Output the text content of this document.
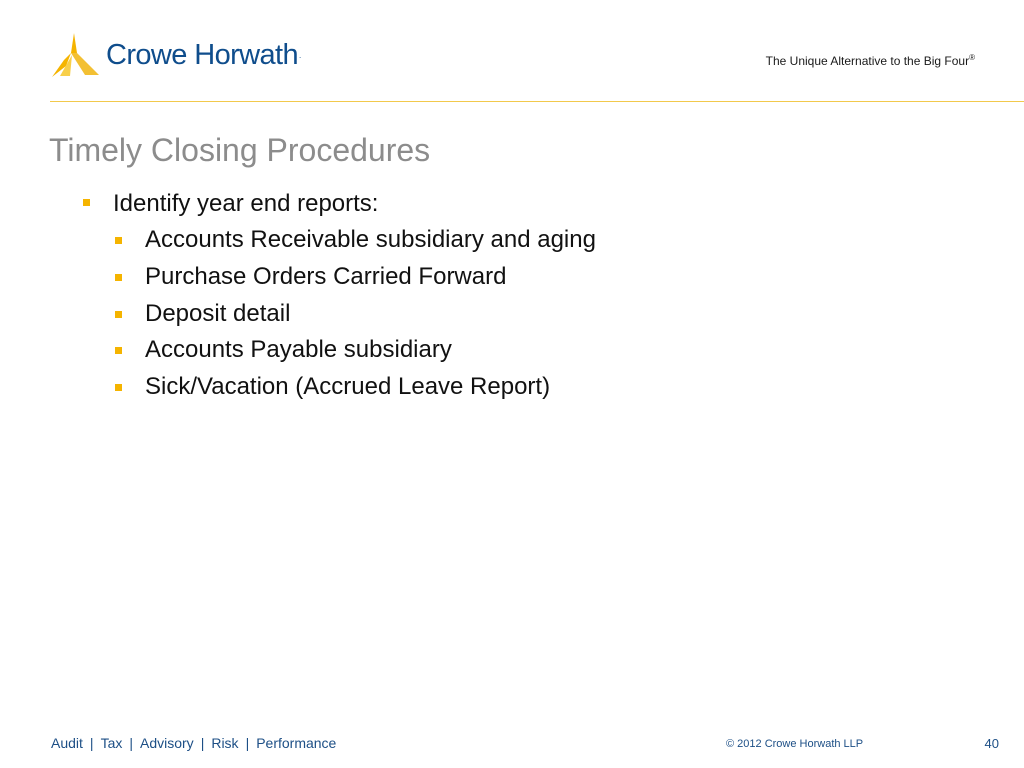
Crowe Horwath .	The Unique Alternative to the Big Four®
Timely Closing Procedures
Identify year end reports:
Accounts Receivable subsidiary and aging
Purchase Orders Carried Forward
Deposit detail
Accounts Payable subsidiary
Sick/Vacation (Accrued Leave Report)
Audit | Tax | Advisory | Risk | Performance	© 2012 Crowe Horwath LLP	40
